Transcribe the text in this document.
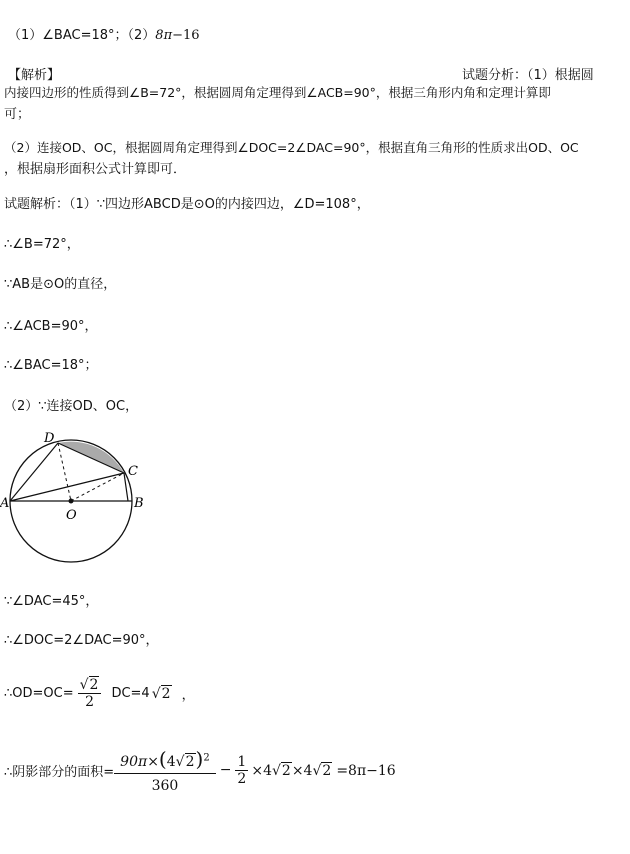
（1）∠BAC=18°；（2）8π−16
【解析】	试题分析：（1）根据圆
内接四边形的性质得到∠B=72°，根据圆周角定理得到∠ACB=90°，根据三角形内角和定理计算即
可；
（2）连接OD、OC，根据圆周角定理得到∠DOC=2∠DAC=90°，根据直角三角形的性质求出OD、OC
，根据扇形面积公式计算即可．
试题解析：（1）∵四边形ABCD是⊙O的内接四边，∠D=108°，
∴∠B=72°，
∵AB是⊙O的直径，
∴∠ACB=90°，
∴∠BAC=18°；
（2）∵连接OD、OC，
D
C
A	B
O
∵∠DAC=45°，
∴∠DOC=2∠DAC=90°，
∴OD=OC= $\frac{√2}{2} DC=4$ √2 ，
∴阴影部分的面积= $\frac{90\pi\times(4√2)^2}{360} - \frac{1}{2} \times 4√2\times 4√2 =8\pi-16$
